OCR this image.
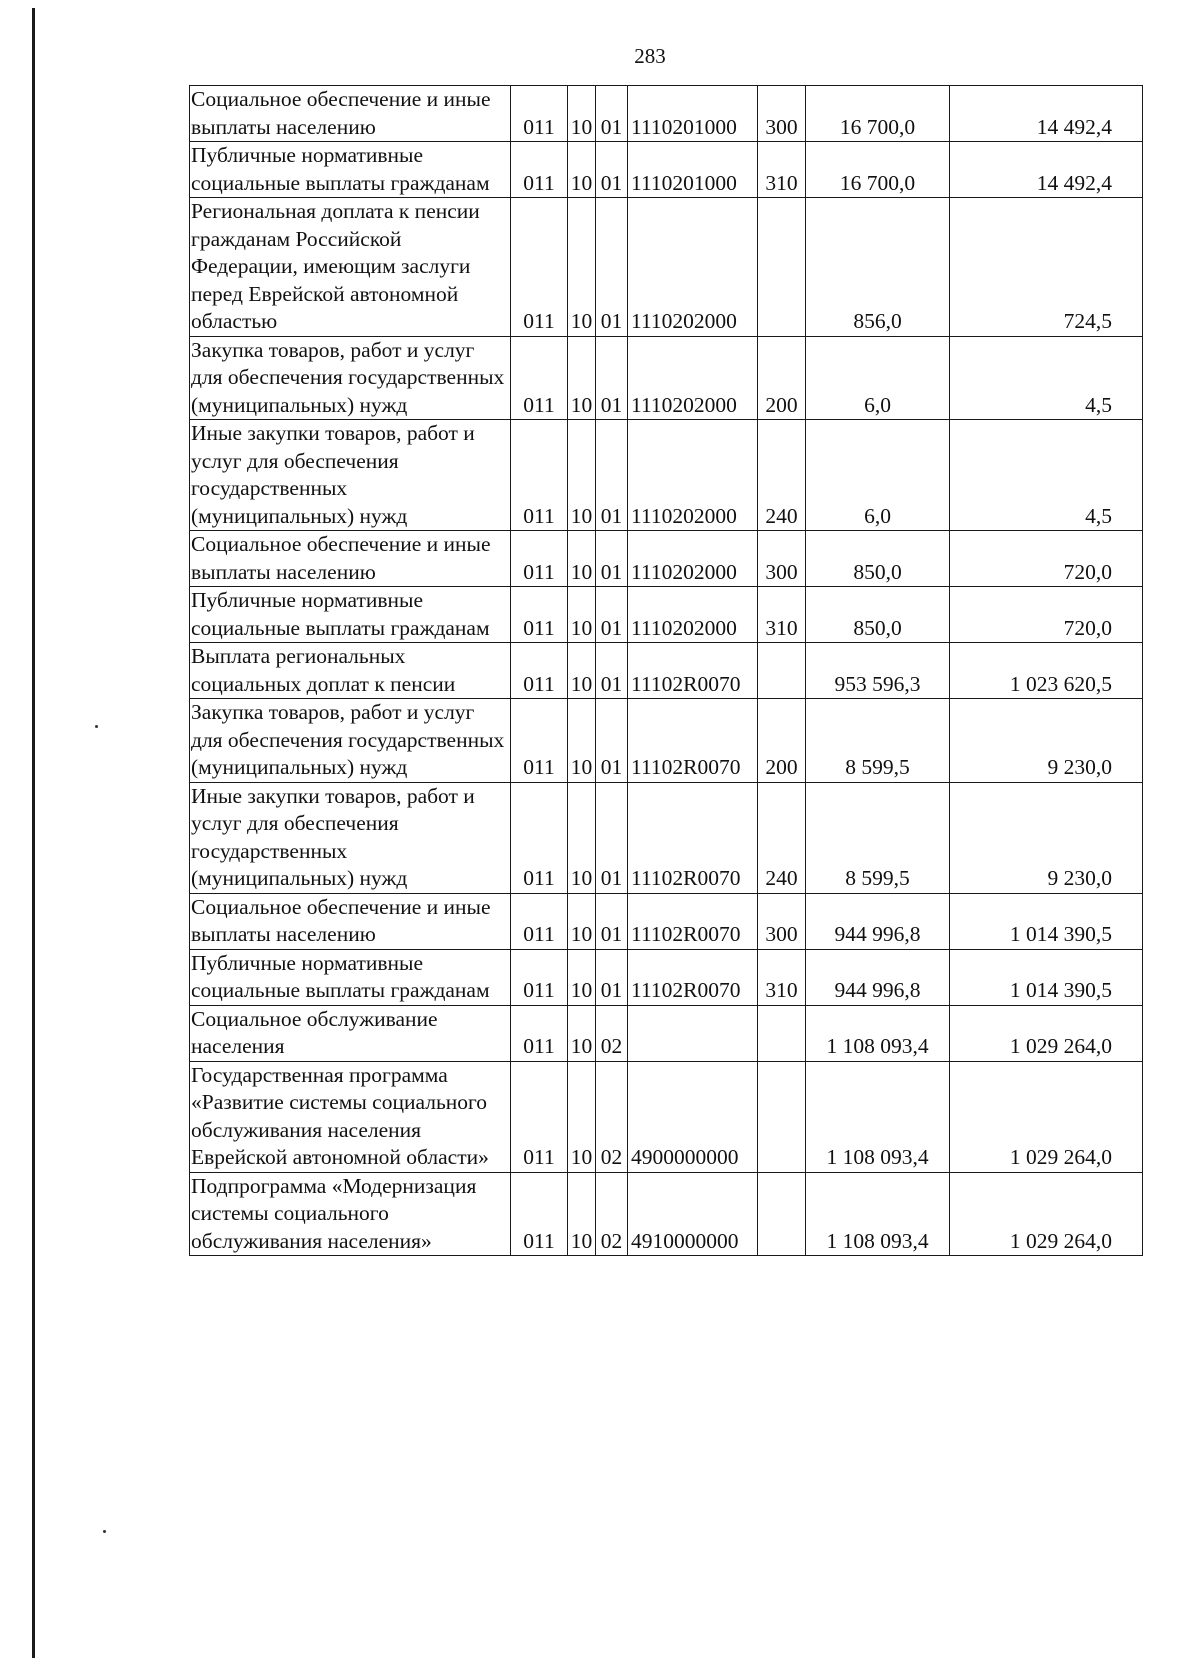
283
Социальное обеспечение и иные выплаты населению	011	10	01	1110201000	300	16 700,0	14 492,4
Публичные нормативные социальные выплаты гражданам	011	10	01	1110201000	310	16 700,0	14 492,4
Региональная доплата к пенсии гражданам Российской Федерации, имеющим заслуги перед Еврейской автономной областью	011	10	01	1110202000		856,0	724,5
Закупка товаров, работ и услуг для обеспечения государственных (муниципальных) нужд	011	10	01	1110202000	200	6,0	4,5
Иные закупки товаров, работ и услуг для обеспечения государственных (муниципальных) нужд	011	10	01	1110202000	240	6,0	4,5
Социальное обеспечение и иные выплаты населению	011	10	01	1110202000	300	850,0	720,0
Публичные нормативные социальные выплаты гражданам	011	10	01	1110202000	310	850,0	720,0
Выплата региональных социальных доплат к пенсии	011	10	01	11102R0070		953 596,3	1 023 620,5
Закупка товаров, работ и услуг для обеспечения государственных (муниципальных) нужд	011	10	01	11102R0070	200	8 599,5	9 230,0
Иные закупки товаров, работ и услуг для обеспечения государственных (муниципальных) нужд	011	10	01	11102R0070	240	8 599,5	9 230,0
Социальное обеспечение и иные выплаты населению	011	10	01	11102R0070	300	944 996,8	1 014 390,5
Публичные нормативные социальные выплаты гражданам	011	10	01	11102R0070	310	944 996,8	1 014 390,5
Социальное обслуживание населения	011	10	02			1 108 093,4	1 029 264,0
Государственная программа «Развитие системы социального обслуживания населения Еврейской автономной области»	011	10	02	4900000000		1 108 093,4	1 029 264,0
Подпрограмма «Модернизация системы социального обслуживания населения»	011	10	02	4910000000		1 108 093,4	1 029 264,0
